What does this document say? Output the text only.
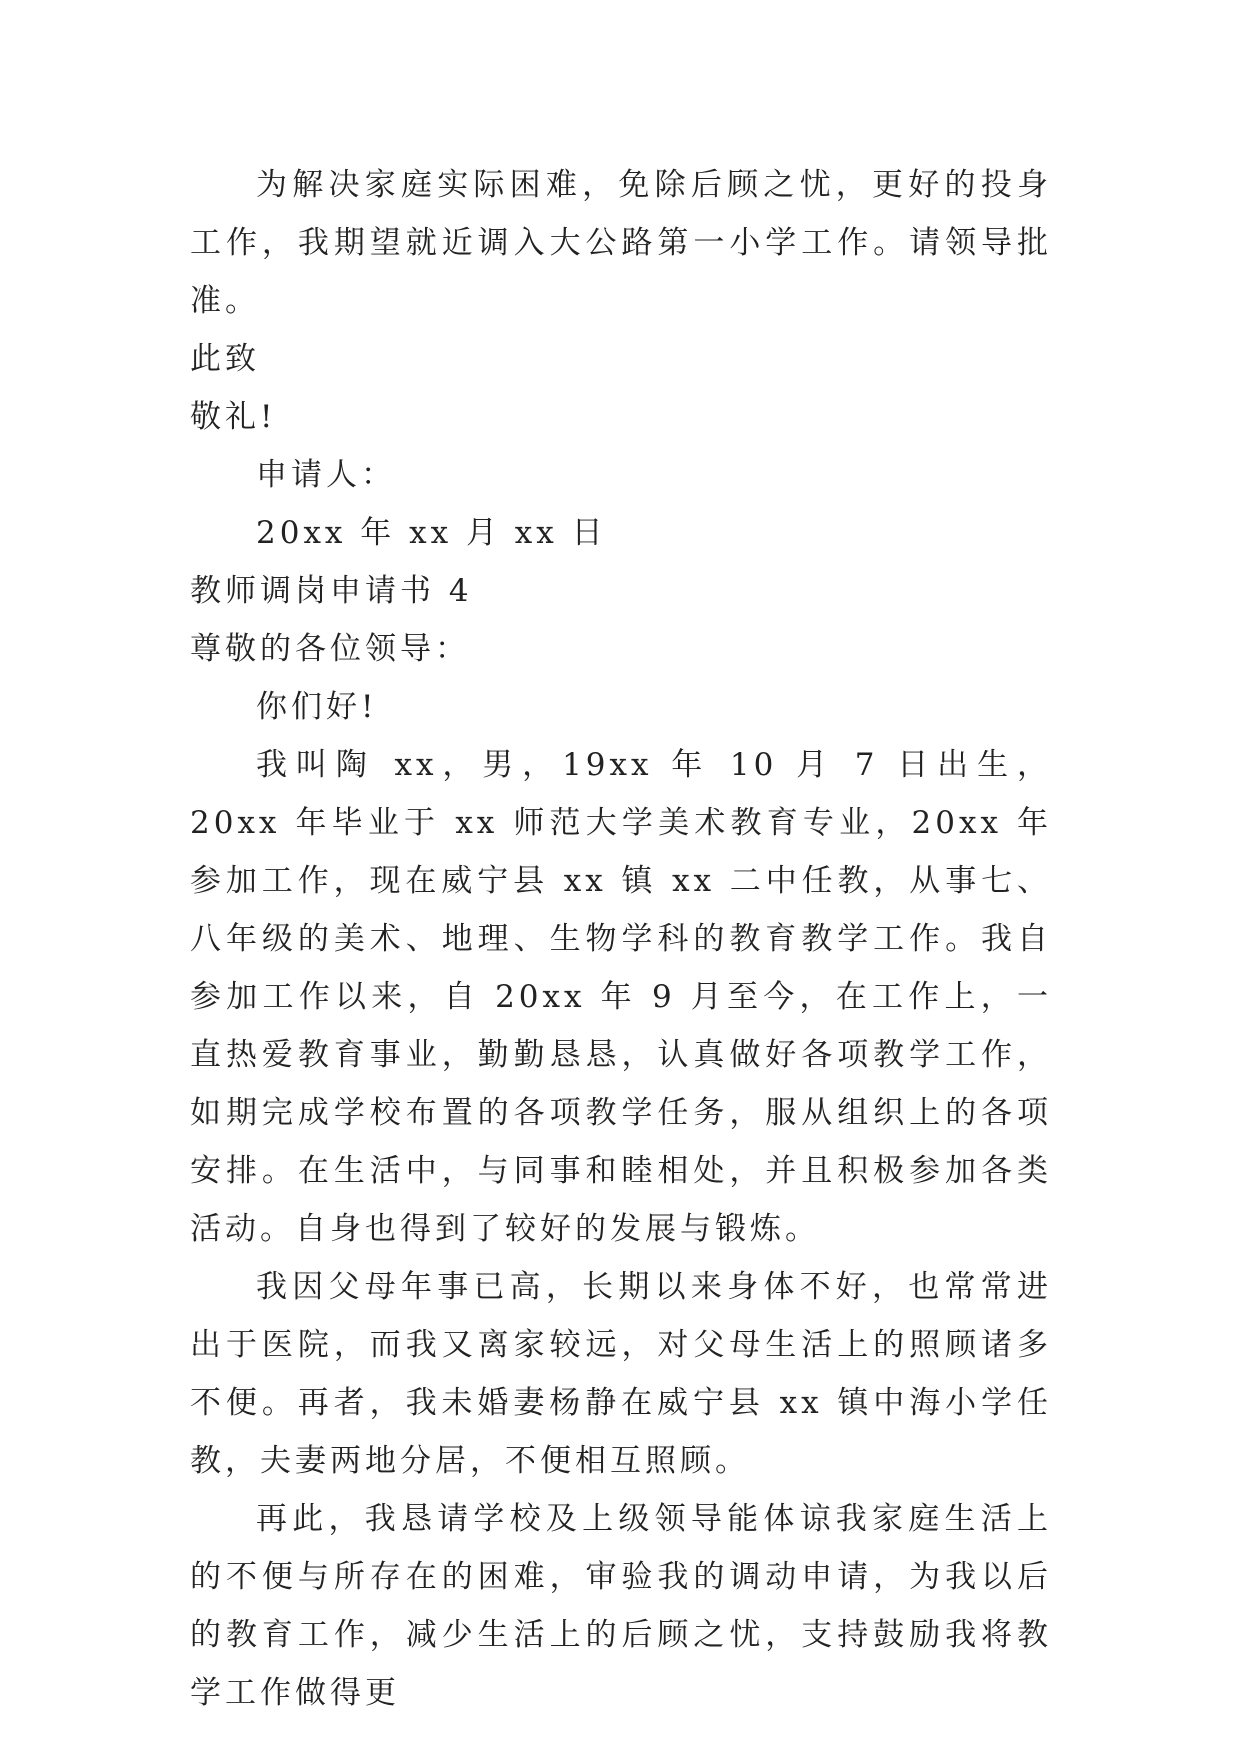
为解决家庭实际困难，免除后顾之忧，更好的投身工作，我期望就近调入大公路第一小学工作。请领导批准。

此致

敬礼!

申请人：

20xx 年 xx 月 xx 日

教师调岗申请书 4

尊敬的各位领导：

你们好!

我叫陶 xx，男，19xx 年 10 月 7 日出生，20xx 年毕业于 xx 师范大学美术教育专业，20xx 年参加工作，现在威宁县 xx 镇 xx 二中任教，从事七、八年级的美术、地理、生物学科的教育教学工作。我自参加工作以来，自 20xx 年 9 月至今，在工作上，一直热爱教育事业，勤勤恳恳，认真做好各项教学工作，如期完成学校布置的各项教学任务，服从组织上的各项安排。在生活中，与同事和睦相处，并且积极参加各类活动。自身也得到了较好的发展与锻炼。

我因父母年事已高，长期以来身体不好，也常常进出于医院，而我又离家较远，对父母生活上的照顾诸多不便。再者，我未婚妻杨静在威宁县 xx 镇中海小学任教，夫妻两地分居，不便相互照顾。

再此，我恳请学校及上级领导能体谅我家庭生活上的不便与所存在的困难，审验我的调动申请，为我以后的教育工作，减少生活上的后顾之忧，支持鼓励我将教学工作做得更
